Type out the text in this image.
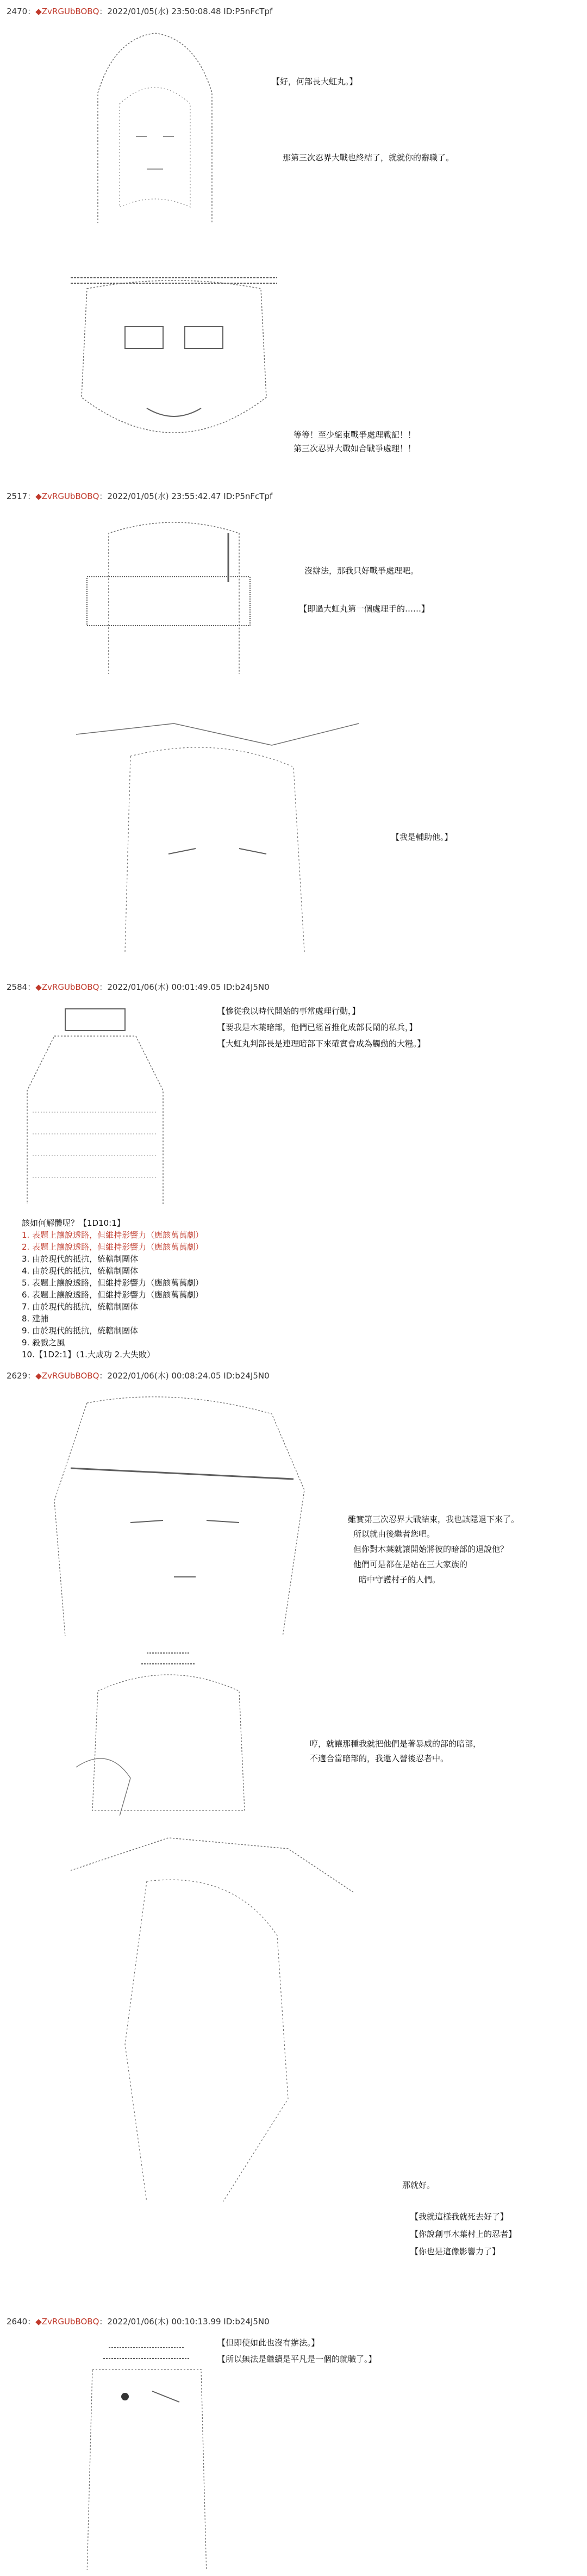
2470：◆ZvRGUbBOBQ：2022/01/05(水) 23:50:08.48 ID:P5nFcTpf

【好，何部長大虹丸。】
那第三次忍界大戰也終結了，就就你的辭職了。

等等！至少絕束戰爭處理戰記！！
第三次忍界大戰如合戰爭處理！！
2517：◆ZvRGUbBOBQ：2022/01/05(水) 23:55:42.47 ID:P5nFcTpf

沒辦法，那我只好戰爭處理吧。
【即過大虹丸第一個處理手的……】

【我是輔助他。】
2584：◆ZvRGUbBOBQ：2022/01/06(木) 00:01:49.05 ID:b24J5N0

【慘從我以時代開始的事常處理行動，】
【要我是木葉暗部，他們已經首推化成部長鬧的私兵，】
【大虹丸判部長是連理暗部下來確實會成為觸動的大糧。】
該如何解體呢？【1D10:1】
1. 表題上讓說透路，但維持影響力（應該萬萬劇）
2. 表題上讓說透路，但維持影響力（應該萬萬劇）
3. 由於現代的抵抗，統轄制團体
4. 由於現代的抵抗，統轄制團体
5. 表題上讓說透路，但維持影響力（應該萬萬劇）
6. 表題上讓說透路，但維持影響力（應該萬萬劇）
7. 由於現代的抵抗，統轄制團体
8. 建捕
9. 由於現代的抵抗，統轄制團体
9. 殺戮之風
10.【1D2:1】（1.大成功 2.大失敗）
2629：◆ZvRGUbBOBQ：2022/01/06(木) 00:08:24.05 ID:b24J5N0

雖實第三次忍界大戰結束，我也該隱退下來了。
所以就由後繼者您吧。
但你對木葉就讓開始將彼的暗部的退說他？
他們可是都在是站在三大家族的
暗中守護村子的人們。

哼，就讓那種我就把他們是著暴威的部的暗部，
不適合當暗部的，我還入營後忍者中。

那就好。
【我就這樣我就死去好了】
【你說創事木葉村上的忍者】
【你也是這像影響力了】
2640：◆ZvRGUbBOBQ：2022/01/06(木) 00:10:13.99 ID:b24J5N0

【但即使如此也沒有辦法。】
【所以無法是繼續是平凡是一個的就職了。】
